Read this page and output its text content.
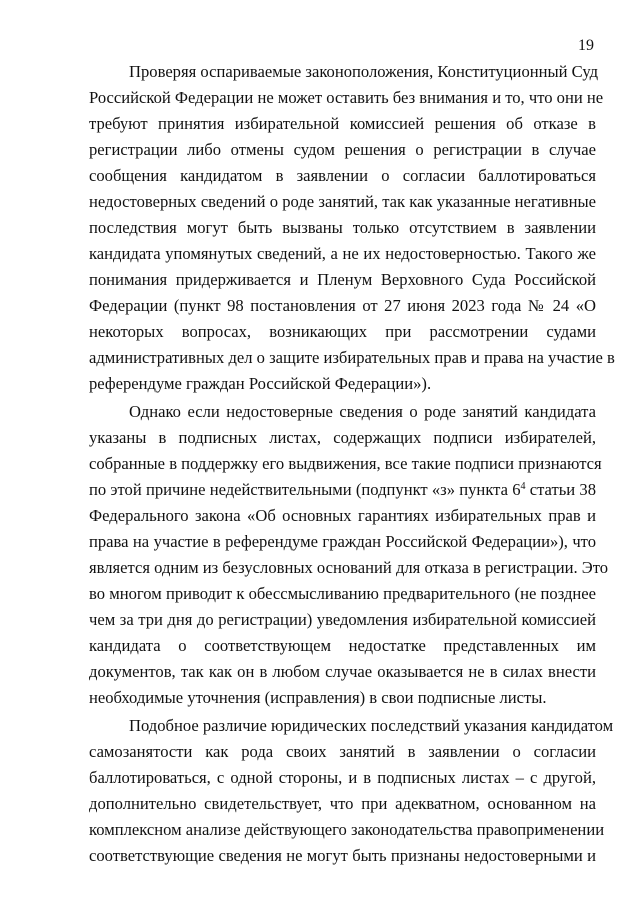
19
Проверяя оспариваемые законоположения, Конституционный Суд
Российской Федерации не может оставить без внимания и то, что они не
требуют принятия избирательной комиссией решения об отказе в
регистрации либо отмены судом решения о регистрации в случае
сообщения кандидатом в заявлении о согласии баллотироваться
недостоверных сведений о роде занятий, так как указанные негативные
последствия могут быть вызваны только отсутствием в заявлении
кандидата упомянутых сведений, а не их недостоверностью. Такого же
понимания придерживается и Пленум Верховного Суда Российской
Федерации (пункт 98 постановления от 27 июня 2023 года № 24 «О
некоторых вопросах, возникающих при рассмотрении судами
административных дел о защите избирательных прав и права на участие в
референдуме граждан Российской Федерации»).
Однако если недостоверные сведения о роде занятий кандидата
указаны в подписных листах, содержащих подписи избирателей,
собранные в поддержку его выдвижения, все такие подписи признаются
по этой причине недействительными (подпункт «з» пункта $6^4$ статьи 38
Федерального закона «Об основных гарантиях избирательных прав и
права на участие в референдуме граждан Российской Федерации»), что
является одним из безусловных оснований для отказа в регистрации. Это
во многом приводит к обессмысливанию предварительного (не позднее
чем за три дня до регистрации) уведомления избирательной комиссией
кандидата о соответствующем недостатке представленных им
документов, так как он в любом случае оказывается не в силах внести
необходимые уточнения (исправления) в свои подписные листы.
Подобное различие юридических последствий указания кандидатом
самозанятости как рода своих занятий в заявлении о согласии
баллотироваться, с одной стороны, и в подписных листах – с другой,
дополнительно свидетельствует, что при адекватном, основанном на
комплексном анализе действующего законодательства правоприменении
соответствующие сведения не могут быть признаны недостоверными и
